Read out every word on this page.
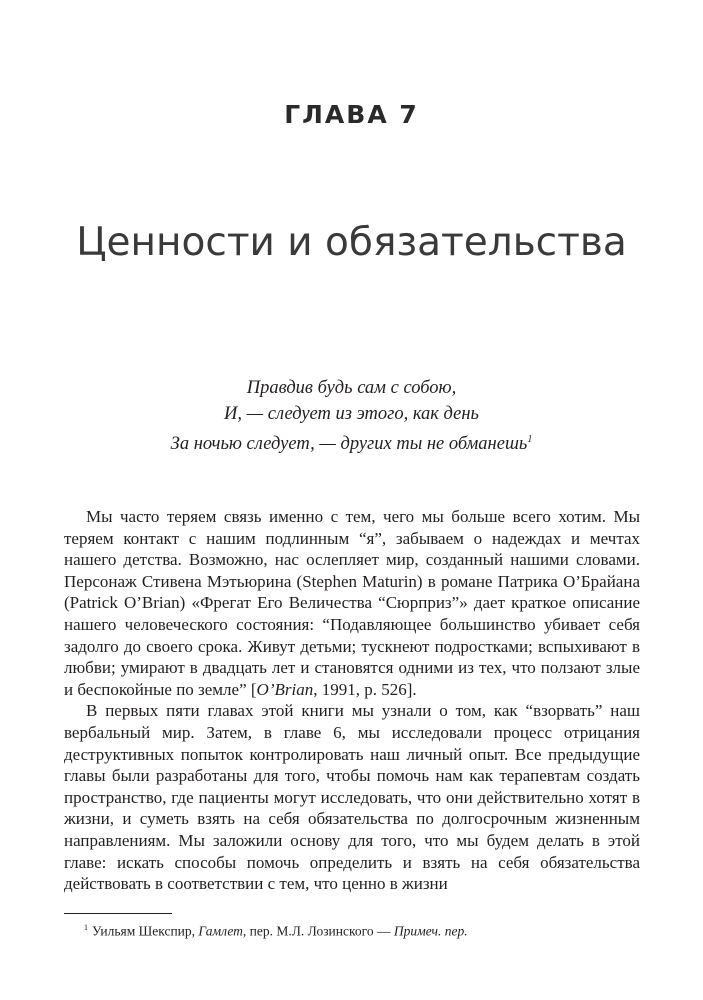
ГЛАВА 7
Ценности и обязательства
Правдив будь сам с собою,
И, — следует из этого, как день
За ночью следует, — других ты не обманешь$^1$

Мы часто теряем связь именно с тем, чего мы больше всего хотим. Мы теряем контакт с нашим подлинным “я”, забываем о надеждах и мечтах нашего детства. Возможно, нас ослепляет мир, созданный нашими словами. Персонаж Стивена Мэтьюрина (Stephen Maturin) в романе Патрика О’Брайана (Patrick O’Brian) «Фрегат Его Величества “Сюрприз”» дает краткое описание нашего человеческого состояния: “Подавляющее большинство убивает себя задолго до своего срока. Живут детьми; тускнеют подростками; вспыхивают в любви; умирают в двадцать лет и становятся одними из тех, что ползают злые и беспокойные по земле” [O’Brian, 1991, p. 526].

В первых пяти главах этой книги мы узнали о том, как “взорвать” наш вербальный мир. Затем, в главе 6, мы исследовали процесс отрицания деструктивных попыток контролировать наш личный опыт. Все предыдущие главы были разработаны для того, чтобы помочь нам как терапевтам создать пространство, где пациенты могут исследовать, что они действительно хотят в жизни, и суметь взять на себя обязательства по долгосрочным жизненным направлениям. Мы заложили основу для того, что мы будем делать в этой главе: искать способы помочь определить и взять на себя обязательства действовать в соответствии с тем, что ценно в жизни

$^1$ Уильям Шекспир, Гамлет, пер. М.Л. Лозинского — Примеч. пер.
